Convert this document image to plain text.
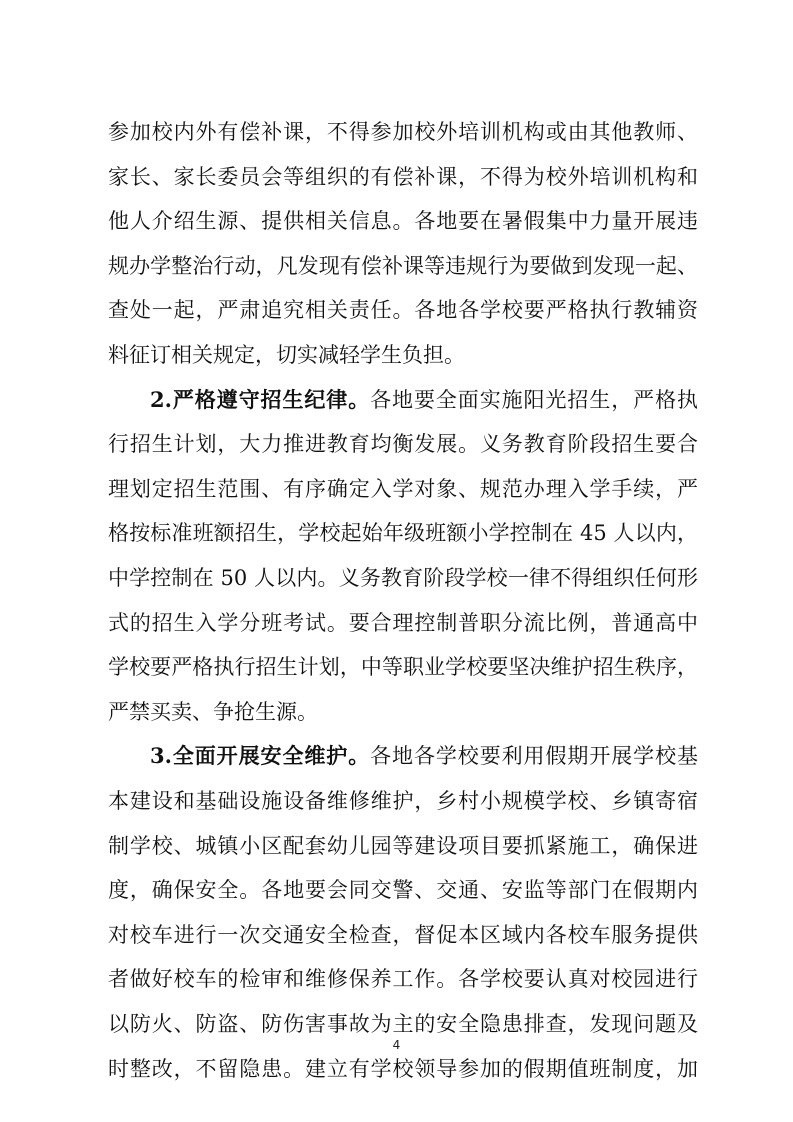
参加校内外有偿补课，不得参加校外培训机构或由其他教师、
家长、家长委员会等组织的有偿补课，不得为校外培训机构和
他人介绍生源、提供相关信息。各地要在暑假集中力量开展违
规办学整治行动，凡发现有偿补课等违规行为要做到发现一起、
查处一起，严肃追究相关责任。各地各学校要严格执行教辅资
料征订相关规定，切实减轻学生负担。
2.严格遵守招生纪律。各地要全面实施阳光招生，严格执
行招生计划，大力推进教育均衡发展。义务教育阶段招生要合
理划定招生范围、有序确定入学对象、规范办理入学手续，严
格按标准班额招生，学校起始年级班额小学控制在 45 人以内，
中学控制在 50 人以内。义务教育阶段学校一律不得组织任何形
式的招生入学分班考试。要合理控制普职分流比例，普通高中
学校要严格执行招生计划，中等职业学校要坚决维护招生秩序，
严禁买卖、争抢生源。
3.全面开展安全维护。各地各学校要利用假期开展学校基
本建设和基础设施设备维修维护，乡村小规模学校、乡镇寄宿
制学校、城镇小区配套幼儿园等建设项目要抓紧施工，确保进
度，确保安全。各地要会同交警、交通、安监等部门在假期内
对校车进行一次交通安全检查，督促本区域内各校车服务提供
者做好校车的检审和维修保养工作。各学校要认真对校园进行
4
以防火、防盗、防伤害事故为主的安全隐患排查，发现问题及
时整改，不留隐患。建立有学校领导参加的假期值班制度，加
